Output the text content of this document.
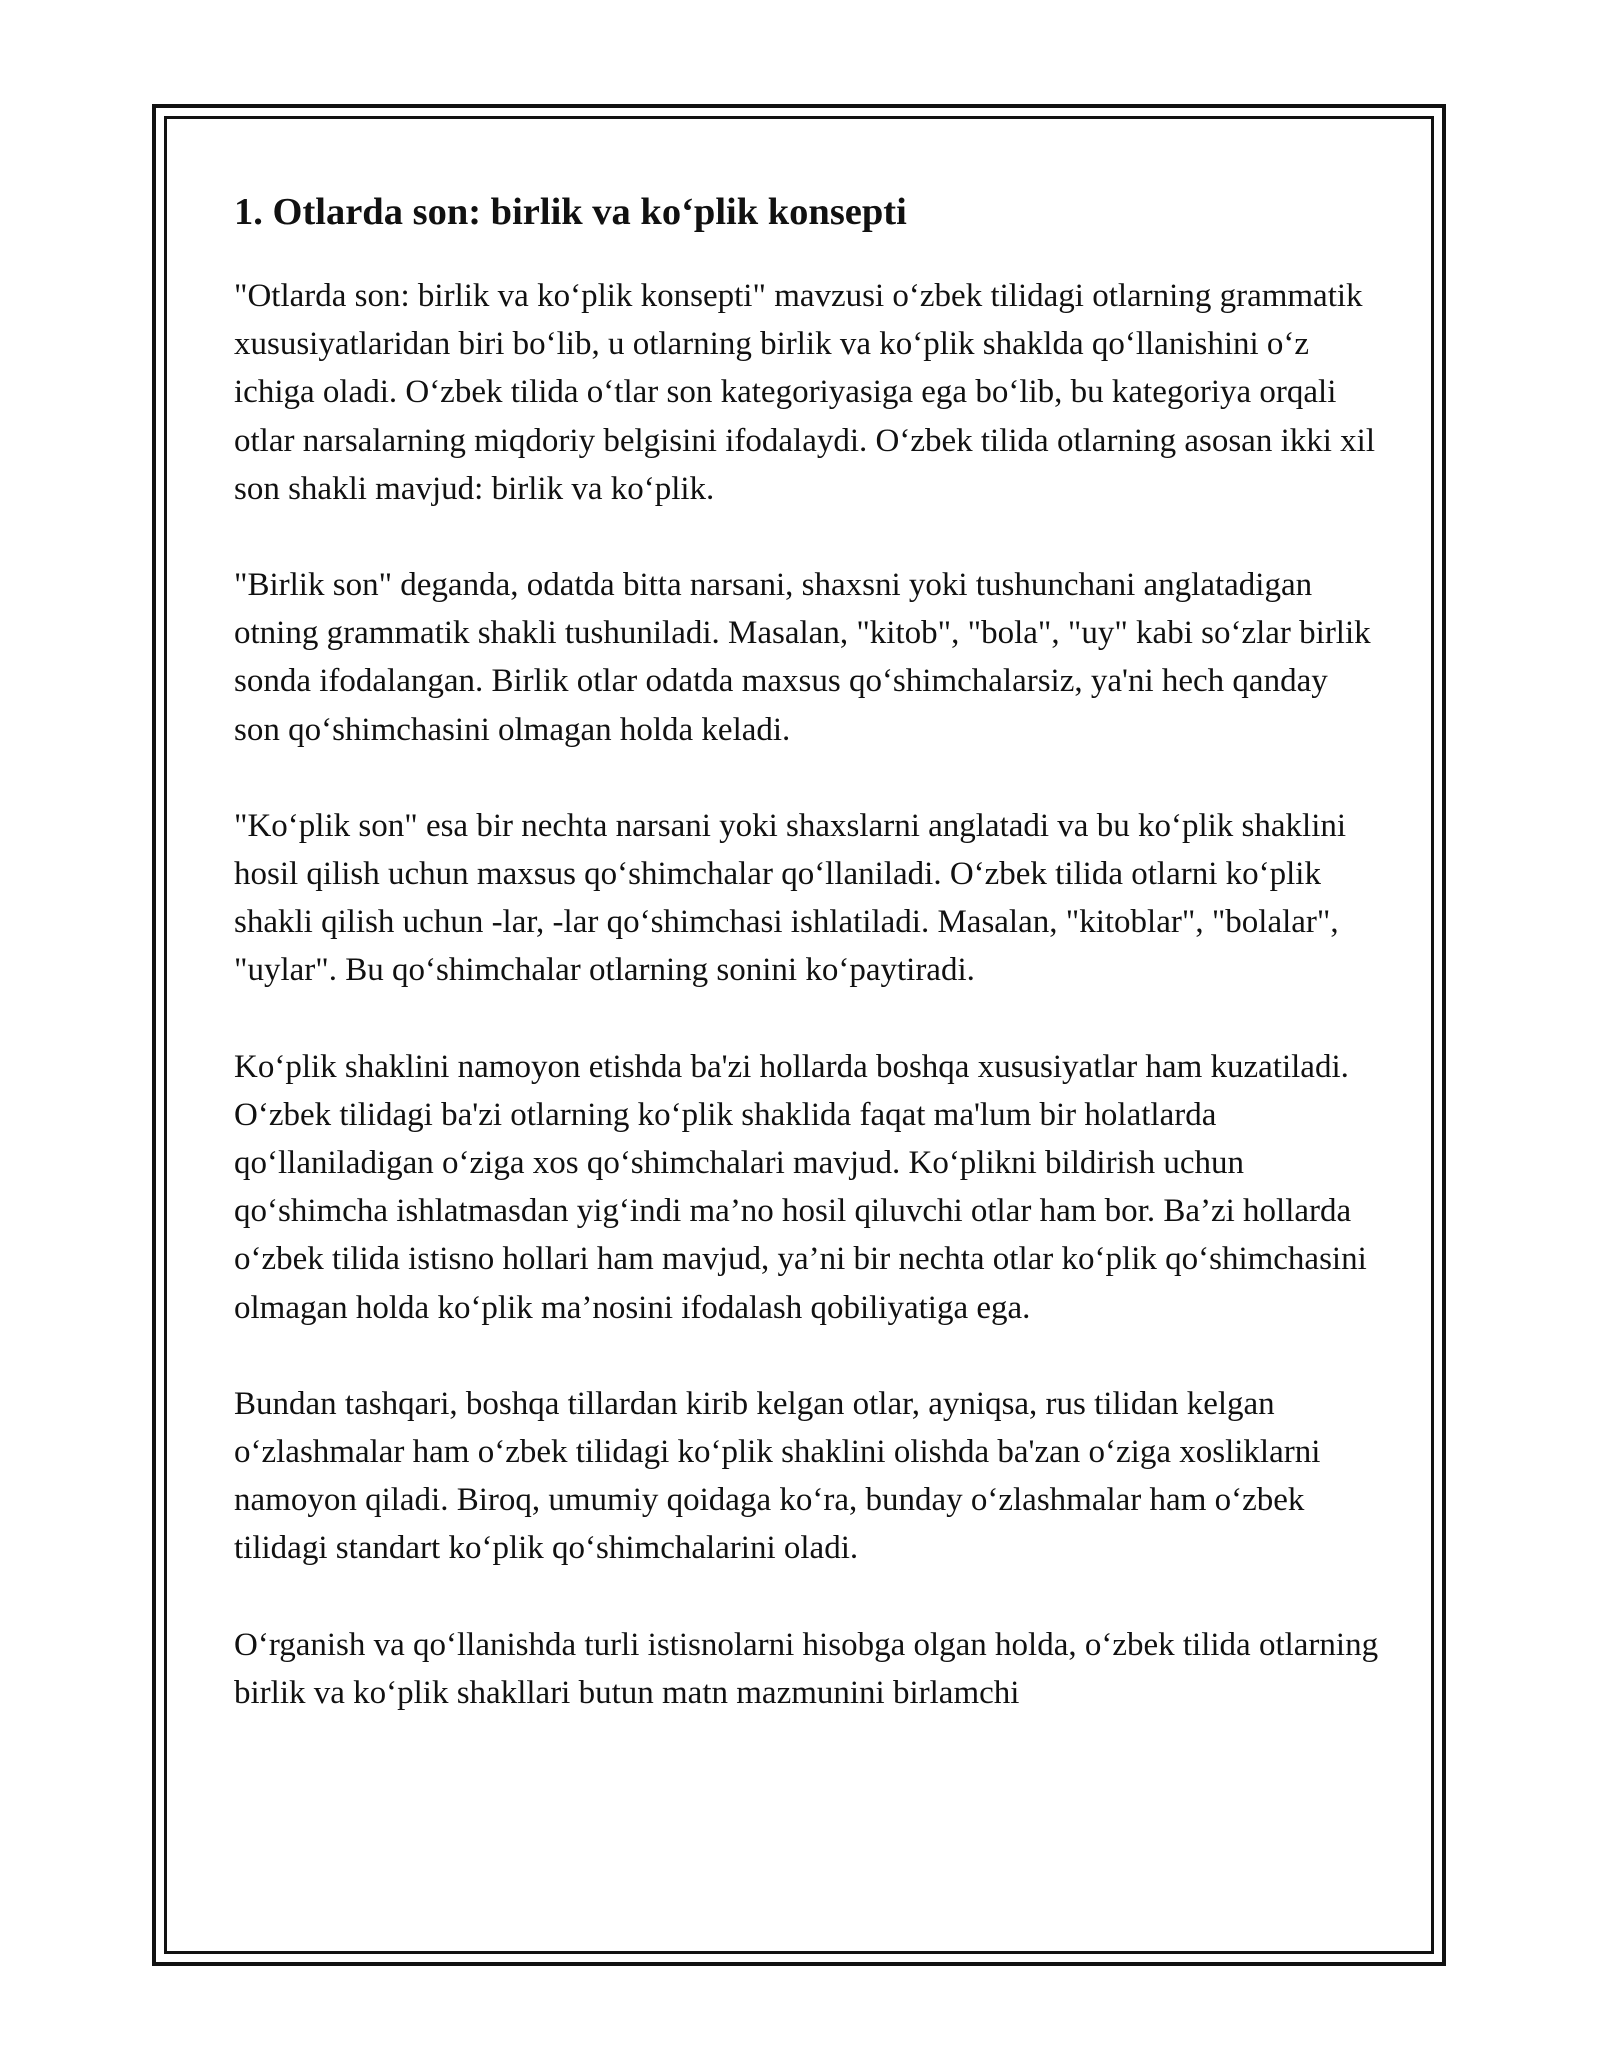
1. Otlarda son: birlik va ko‘plik konsepti

"Otlarda son: birlik va ko‘plik konsepti" mavzusi o‘zbek tilidagi otlarning grammatik xususiyatlaridan biri bo‘lib, u otlarning birlik va ko‘plik shaklda qo‘llanishini o‘z ichiga oladi. O‘zbek tilida o‘tlar son kategoriyasiga ega bo‘lib, bu kategoriya orqali otlar narsalarning miqdoriy belgisini ifodalaydi. O‘zbek tilida otlarning asosan ikki xil son shakli mavjud: birlik va ko‘plik.

"Birlik son" deganda, odatda bitta narsani, shaxsni yoki tushunchani anglatadigan otning grammatik shakli tushuniladi. Masalan, "kitob", "bola", "uy" kabi so‘zlar birlik sonda ifodalangan. Birlik otlar odatda maxsus qo‘shimchalarsiz, ya'ni hech qanday son qo‘shimchasini olmagan holda keladi.

"Ko‘plik son" esa bir nechta narsani yoki shaxslarni anglatadi va bu ko‘plik shaklini hosil qilish uchun maxsus qo‘shimchalar qo‘llaniladi. O‘zbek tilida otlarni ko‘plik shakli qilish uchun -lar, -lar qo‘shimchasi ishlatiladi. Masalan, "kitoblar", "bolalar", "uylar". Bu qo‘shimchalar otlarning sonini ko‘paytiradi.

Ko‘plik shaklini namoyon etishda ba'zi hollarda boshqa xususiyatlar ham kuzatiladi. O‘zbek tilidagi ba'zi otlarning ko‘plik shaklida faqat ma'lum bir holatlarda qo‘llaniladigan o‘ziga xos qo‘shimchalari mavjud. Ko‘plikni bildirish uchun qo‘shimcha ishlatmasdan yig‘indi ma’no hosil qiluvchi otlar ham bor. Ba’zi hollarda o‘zbek tilida istisno hollari ham mavjud, ya’ni bir nechta otlar ko‘plik qo‘shimchasini olmagan holda ko‘plik ma’nosini ifodalash qobiliyatiga ega.

Bundan tashqari, boshqa tillardan kirib kelgan otlar, ayniqsa, rus tilidan kelgan o‘zlashmalar ham o‘zbek tilidagi ko‘plik shaklini olishda ba'zan o‘ziga xosliklarni namoyon qiladi. Biroq, umumiy qoidaga ko‘ra, bunday o‘zlashmalar ham o‘zbek tilidagi standart ko‘plik qo‘shimchalarini oladi.

O‘rganish va qo‘llanishda turli istisnolarni hisobga olgan holda, o‘zbek tilida otlarning birlik va ko‘plik shakllari butun matn mazmunini birlamchi
